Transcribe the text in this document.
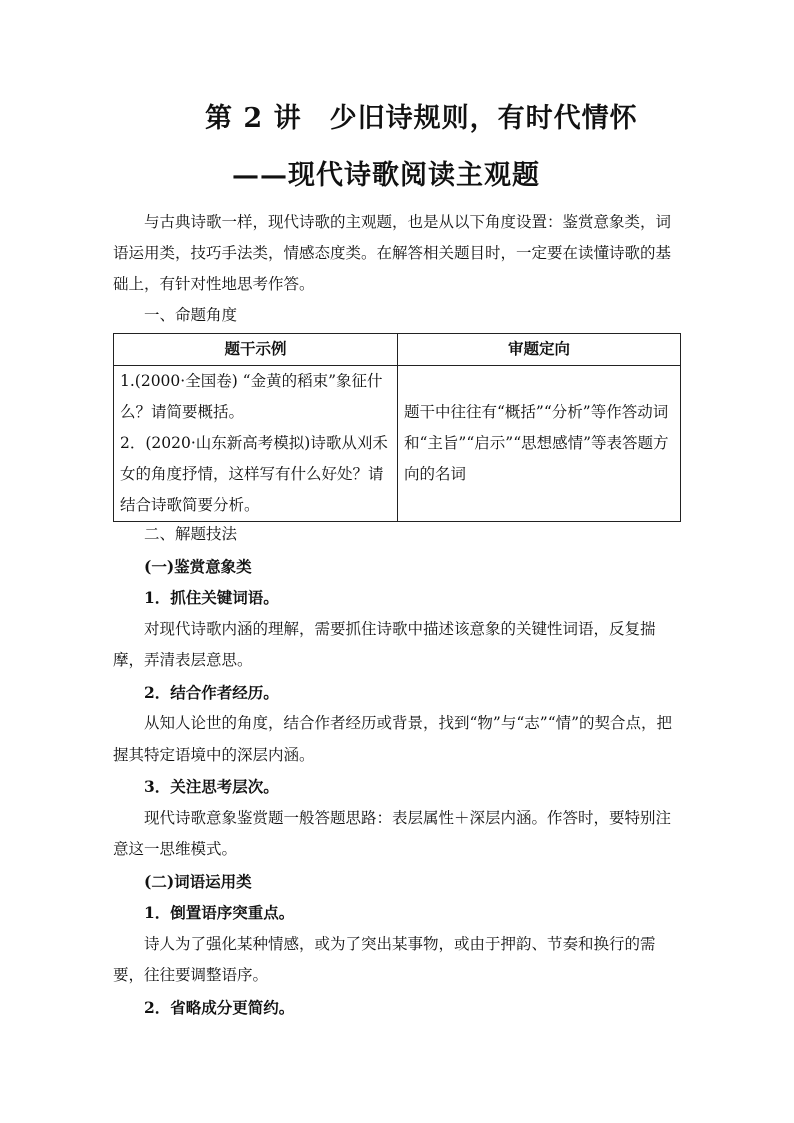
第 2 讲　少旧诗规则，有时代情怀
——现代诗歌阅读主观题

与古典诗歌一样，现代诗歌的主观题，也是从以下角度设置：鉴赏意象类，词语运用类，技巧手法类，情感态度类。在解答相关题目时，一定要在读懂诗歌的基础上，有针对性地思考作答。

一、命题角度

题干示例	审题定向

1.(2000·全国卷) “金黄的稻束”象征什么？请简要概括。
2．(2020·山东新高考模拟)诗歌从刈禾女的角度抒情，这样写有什么好处？请结合诗歌简要分析。	题干中往往有“概括”“分析”等作答动词和“主旨”“启示”“思想感情”等表答题方向的名词

二、解题技法

(一)鉴赏意象类

1．抓住关键词语。

对现代诗歌内涵的理解，需要抓住诗歌中描述该意象的关键性词语，反复揣摩，弄清表层意思。

2．结合作者经历。

从知人论世的角度，结合作者经历或背景，找到“物”与“志”“情”的契合点，把握其特定语境中的深层内涵。

3．关注思考层次。

现代诗歌意象鉴赏题一般答题思路：表层属性＋深层内涵。作答时，要特别注意这一思维模式。

(二)词语运用类

1．倒置语序突重点。

诗人为了强化某种情感，或为了突出某事物，或由于押韵、节奏和换行的需要，往往要调整语序。

2．省略成分更简约。
